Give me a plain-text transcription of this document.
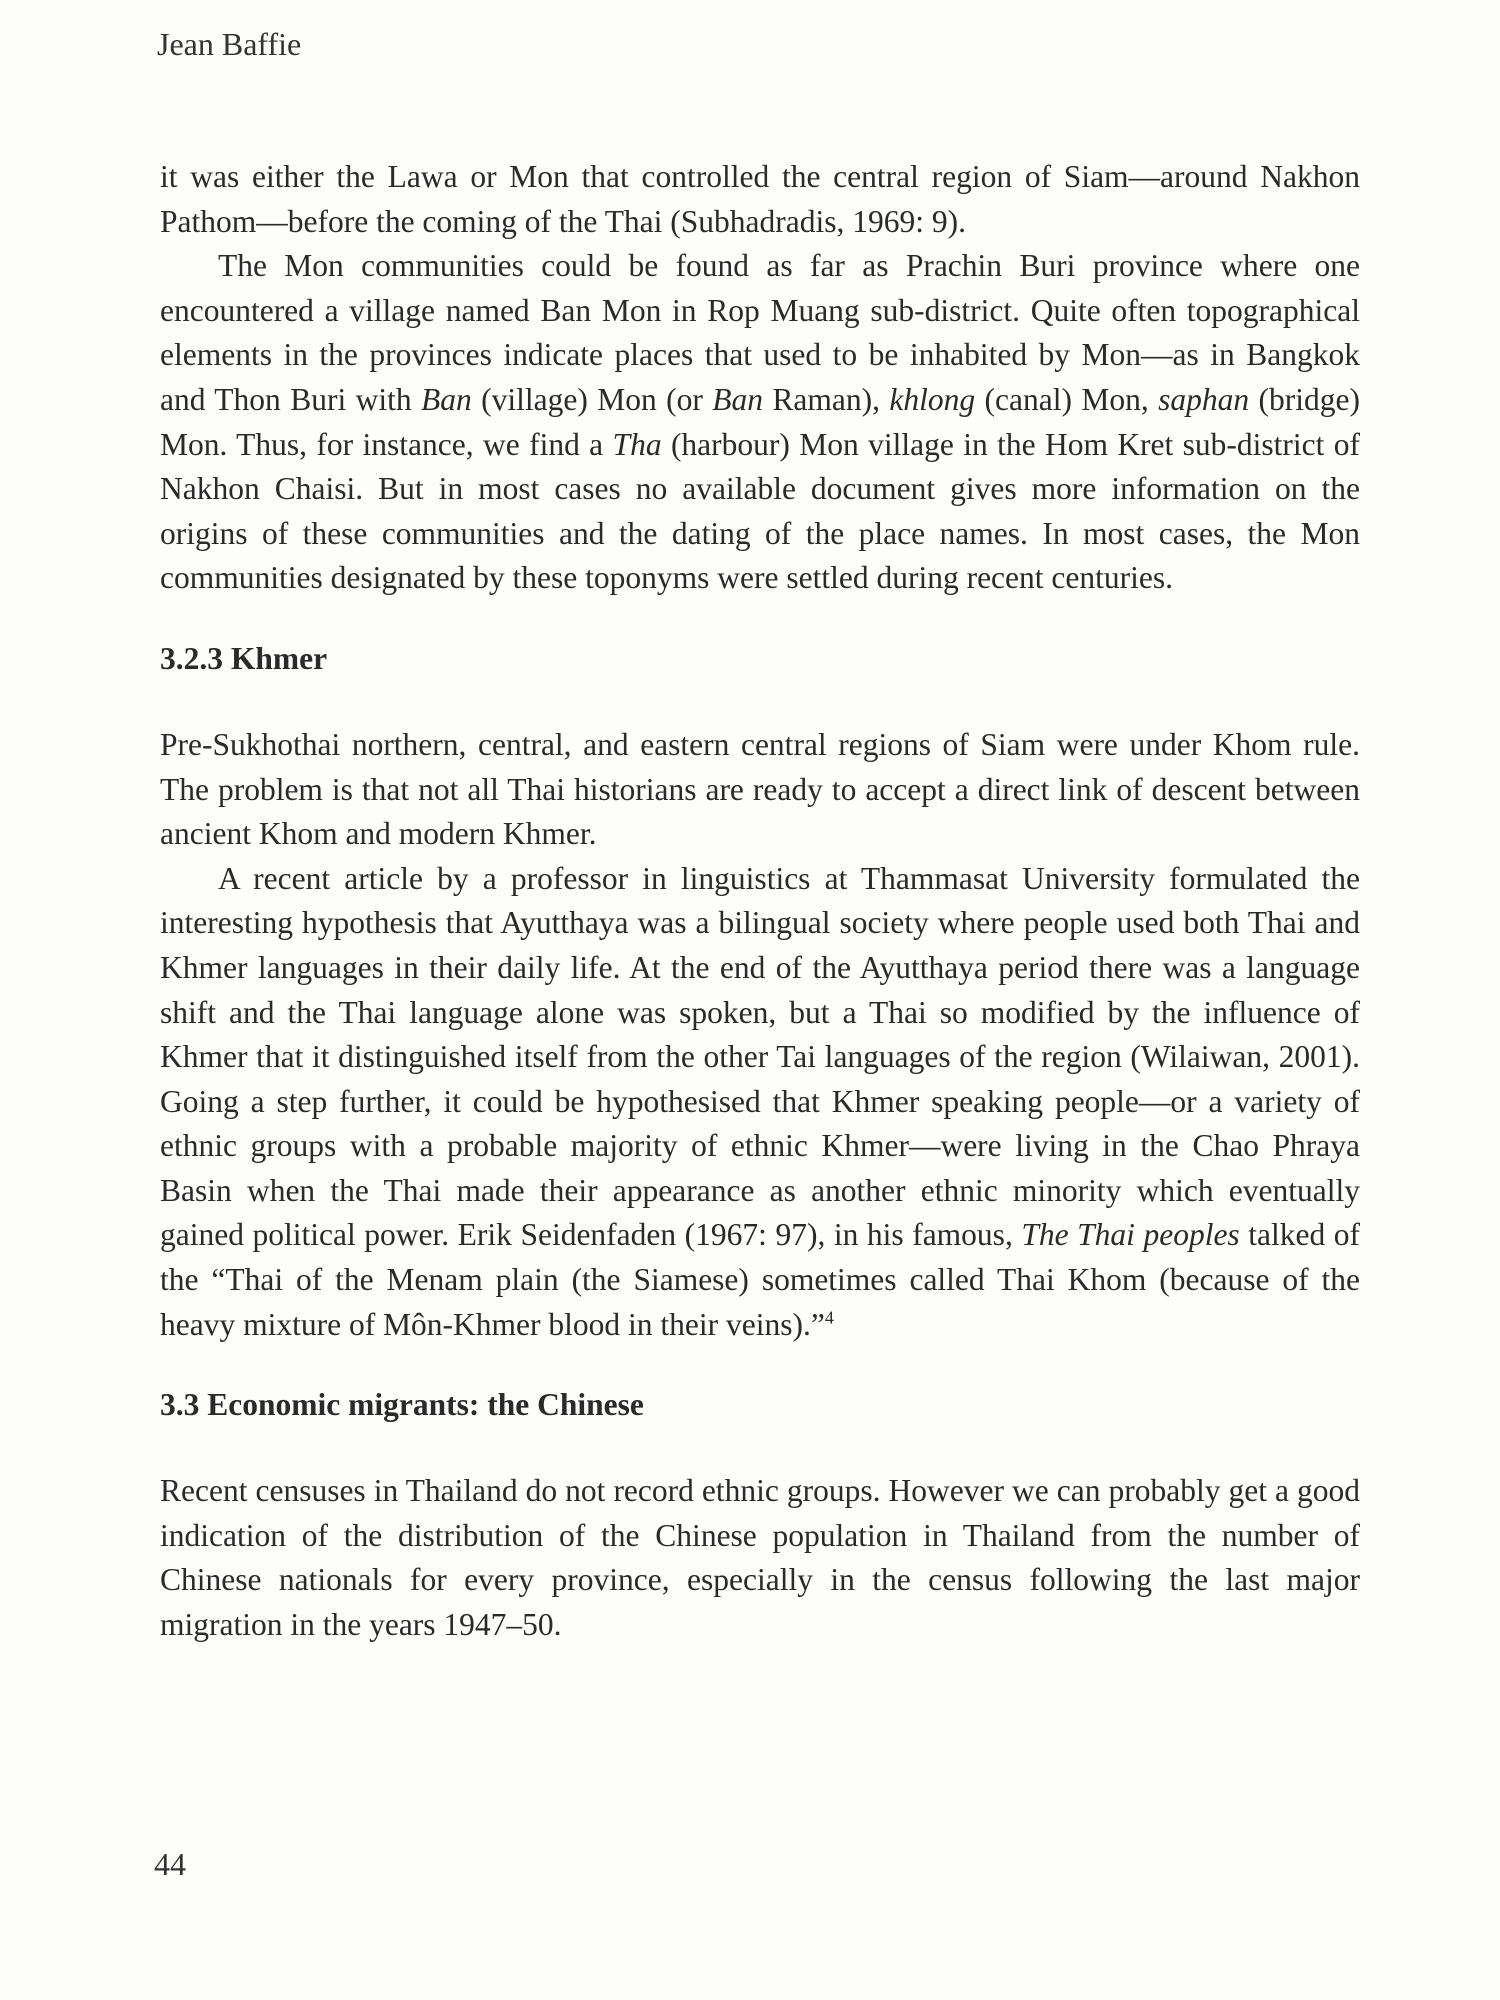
Jean Baffie

it was either the Lawa or Mon that controlled the central region of Siam—around Nakhon Pathom—before the coming of the Thai (Subhadradis, 1969: 9).

The Mon communities could be found as far as Prachin Buri province where one encountered a village named Ban Mon in Rop Muang sub-district. Quite often topographical elements in the provinces indicate places that used to be inhabited by Mon—as in Bangkok and Thon Buri with Ban (village) Mon (or Ban Raman), khlong (canal) Mon, saphan (bridge) Mon. Thus, for instance, we find a Tha (harbour) Mon village in the Hom Kret sub-district of Nakhon Chaisi. But in most cases no available document gives more information on the origins of these communities and the dating of the place names. In most cases, the Mon communities designated by these toponyms were settled during recent centuries.

3.2.3 Khmer

Pre-Sukhothai northern, central, and eastern central regions of Siam were under Khom rule. The problem is that not all Thai historians are ready to accept a direct link of descent between ancient Khom and modern Khmer.

A recent article by a professor in linguistics at Thammasat University formulated the interesting hypothesis that Ayutthaya was a bilingual society where people used both Thai and Khmer languages in their daily life. At the end of the Ayutthaya period there was a language shift and the Thai language alone was spoken, but a Thai so modified by the influence of Khmer that it distinguished itself from the other Tai languages of the region (Wilaiwan, 2001). Going a step further, it could be hypothesised that Khmer speaking people—or a variety of ethnic groups with a probable majority of ethnic Khmer—were living in the Chao Phraya Basin when the Thai made their appearance as another ethnic minority which eventually gained political power. Erik Seidenfaden (1967: 97), in his famous, The Thai peoples talked of the “Thai of the Menam plain (the Siamese) sometimes called Thai Khom (because of the heavy mixture of Môn-Khmer blood in their veins).”$^4$

3.3 Economic migrants: the Chinese

Recent censuses in Thailand do not record ethnic groups. However we can probably get a good indication of the distribution of the Chinese population in Thailand from the number of Chinese nationals for every province, especially in the census following the last major migration in the years 1947–50.

44
